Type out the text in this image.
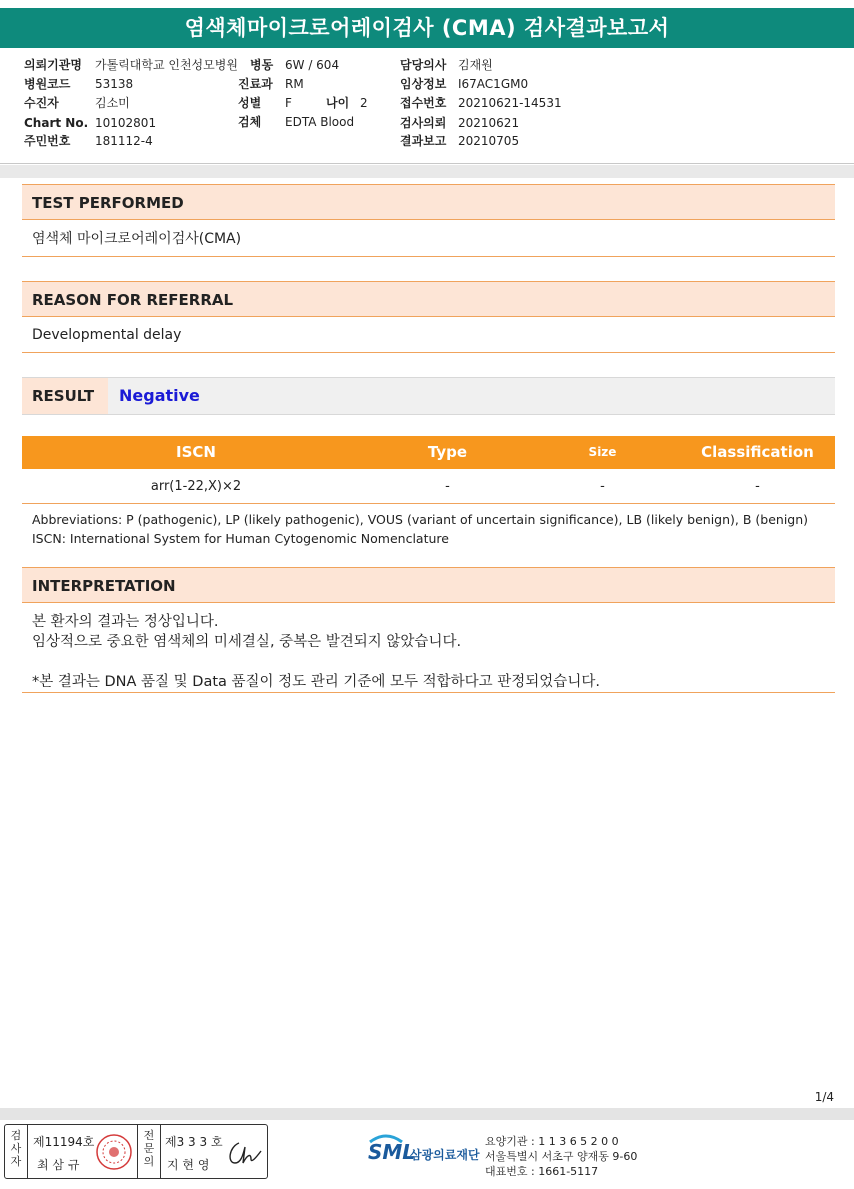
염색체마이크로어레이검사 (CMA) 검사결과보고서
의뢰기관명 가톨릭대학교 인천성모병원
병원코드 53138
수진자	김소미
Chart No. 10102801
주민번호 181112-4
병동 6W / 604
진료과 RM
성별 F	나이 2
검체 EDTA Blood
담당의사 김재원
임상정보 I67AC1GM0
접수번호 20210621-14531
검사의뢰 20210621
결과보고 20210705
TEST PERFORMED
염색체 마이크로어레이검사(CMA)
REASON FOR REFERRAL
Developmental delay
RESULT	Negative
ISCN	Type	Size	Classification
arr(1-22,X)×2	-	-	-
Abbreviations: P (pathogenic), LP (likely pathogenic), VOUS (variant of uncertain significance), LB (likely benign), B (benign)
ISCN: International System for Human Cytogenomic Nomenclature
INTERPRETATION
본 환자의 결과는 정상입니다.
임상적으로 중요한 염색체의 미세결실, 중복은 발견되지 않았습니다.
*본 결과는 DNA 품질 및 Data 품질이 정도 관리 기준에 모두 적합하다고 판정되었습니다.
1/4
검사자
제11194호
최 삼 규
전문의
제3 3 3 호
지 현 영
SML
삼광의료재단
요양기관 : 1 1 3 6 5 2 0 0
서울특별시 서초구 양재동 9-60
대표번호 : 1661-5117
